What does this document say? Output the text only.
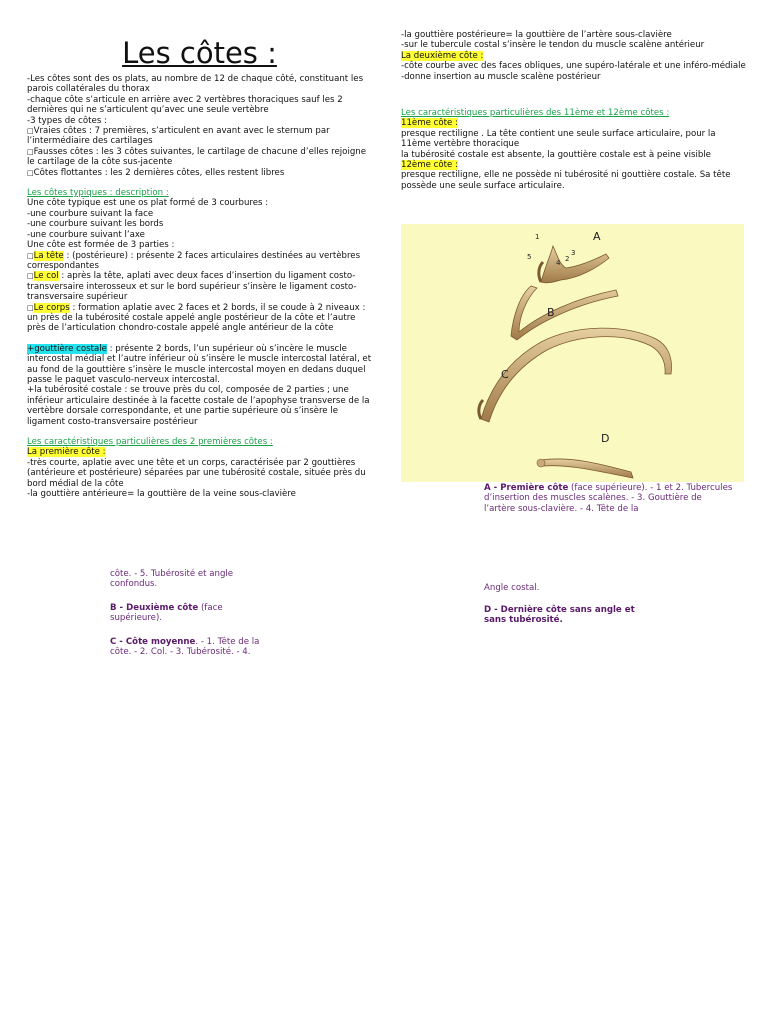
Les côtes :

-Les côtes sont des os plats, au nombre de 12 de chaque côté, constituant les parois collatérales du thorax

-chaque côte s’articule en arrière avec 2 vertèbres thoraciques sauf les 2 dernières qui ne s’articulent qu’avec une seule vertèbre

-3 types de côtes :

□Vraies côtes : 7 premières, s’articulent en avant avec le sternum par l’intermédiaire des cartilages

□Fausses côtes : les 3 côtes suivantes, le cartilage de chacune d’elles rejoigne le cartilage de la côte sus-jacente

□Côtes flottantes : les 2 dernières côtes, elles restent libres

Les côtes typiques : description :

Une côte typique est une os plat formé de 3 courbures :

-une courbure suivant la face

-une courbure suivant les bords

-une courbure suivant l’axe

Une côte est formée de 3 parties :

□La tête : (postérieure) : présente 2 faces articulaires destinées au vertèbres correspondantes

□Le col : après la tête, aplati avec deux faces d’insertion du ligament costo-transversaire interosseux et sur le bord supérieur s’insère le ligament costo-transversaire supérieur

□Le corps : formation aplatie avec 2 faces et 2 bords, il se coude à 2 niveaux :

un près de la tubérosité costale appelé angle postérieur de la côte et l’autre près de l’articulation chondro-costale appelé angle antérieur de la côte

+gouttière costale : présente 2 bords, l’un supérieur où s’incère le muscle intercostal médial et l’autre inférieur où s’insère le muscle intercostal latéral, et au fond de la gouttière s’insère le muscle intercostal moyen en dedans duquel passe le paquet vasculo-nerveux intercostal.

+la tubérosité costale : se trouve près du col, composée de 2 parties ; une inférieur articulaire destinée à la facette costale de l’apophyse transverse de la vertèbre dorsale correspondante, et une partie supérieure où s’insère le ligament costo-transversaire postérieur

Les caractéristiques particulières des 2 premières côtes :

La première côte :

-très courte, aplatie avec une tête et un corps, caractérisée par 2 gouttières (antérieure et postérieure) séparées par une tubérosité costale, située près du bord médial de la côte

-la gouttière antérieure= la gouttière de la veine sous-clavière

-la gouttière postérieure= la gouttière de l’artère sous-clavière

-sur le tubercule costal s’insère le tendon du muscle scalène antérieur

La deuxième côte :

-côte courbe avec des faces obliques, une supéro-latérale et une inféro-médiale

-donne insertion au muscle scalène postérieur

Les caractéristiques particulières des 11ème et 12ème côtes :

11ème côte :

presque rectiligne . La tête contient une seule surface articulaire, pour la 11ème vertèbre thoracique

la tubérosité costale est absente, la gouttière costale est à peine visible

12ème côte :

presque rectiligne, elle ne possède ni tubérosité ni gouttière costale. Sa tête possède une seule surface articulaire.

A
B
C
D
1
2
3
4
5
A - Première côte (face supérieure). - 1 et 2. Tubercules d’insertion des muscles scalènes. - 3. Gouttière de l’artère sous-clavière. - 4. Tête de la
côte. - 5. Tubérosité et angle confondus.
B - Deuxième côte (face supérieure).
C - Côte moyenne. - 1. Tête de la côte. - 2. Col. - 3. Tubérosité. - 4.
Angle costal.
D - Dernière côte sans angle et sans tubérosité.
